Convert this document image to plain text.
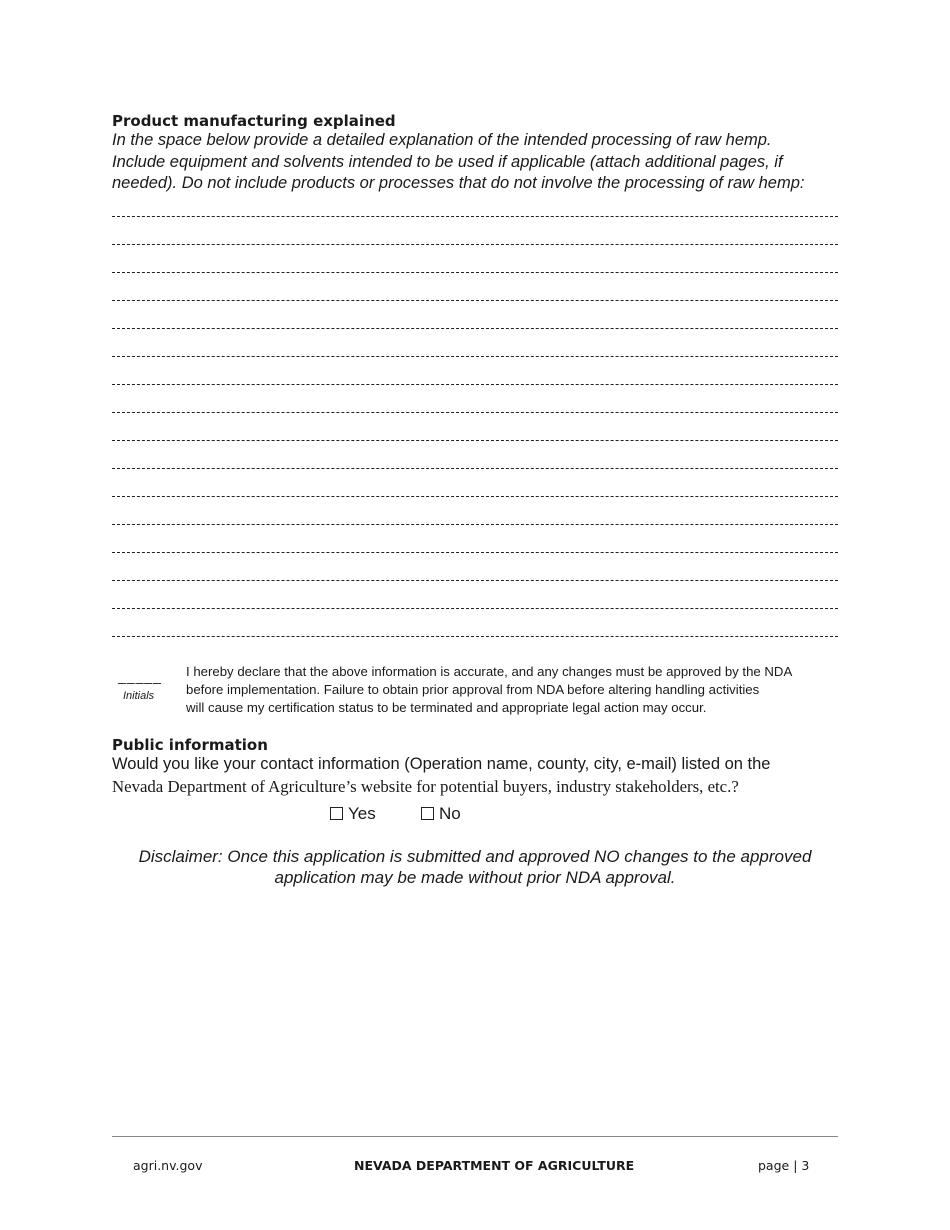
Product manufacturing explained
In the space below provide a detailed explanation of the intended processing of raw hemp.
Include equipment and solvents intended to be used if applicable (attach additional pages, if
needed). Do not include products or processes that do not involve the processing of raw hemp:
_____
Initials
I hereby declare that the above information is accurate, and any changes must be approved by the NDA
before implementation. Failure to obtain prior approval from NDA before altering handling activities
will cause my certification status to be terminated and appropriate legal action may occur.
Public information
Would you like your contact information (Operation name, county, city, e-mail) listed on the
Nevada Department of Agriculture’s website for potential buyers, industry stakeholders, etc.?
Yes	No
Disclaimer: Once this application is submitted and approved NO changes to the approved
application may be made without prior NDA approval.
agri.nv.gov	NEVADA DEPARTMENT OF AGRICULTURE	page | 3
